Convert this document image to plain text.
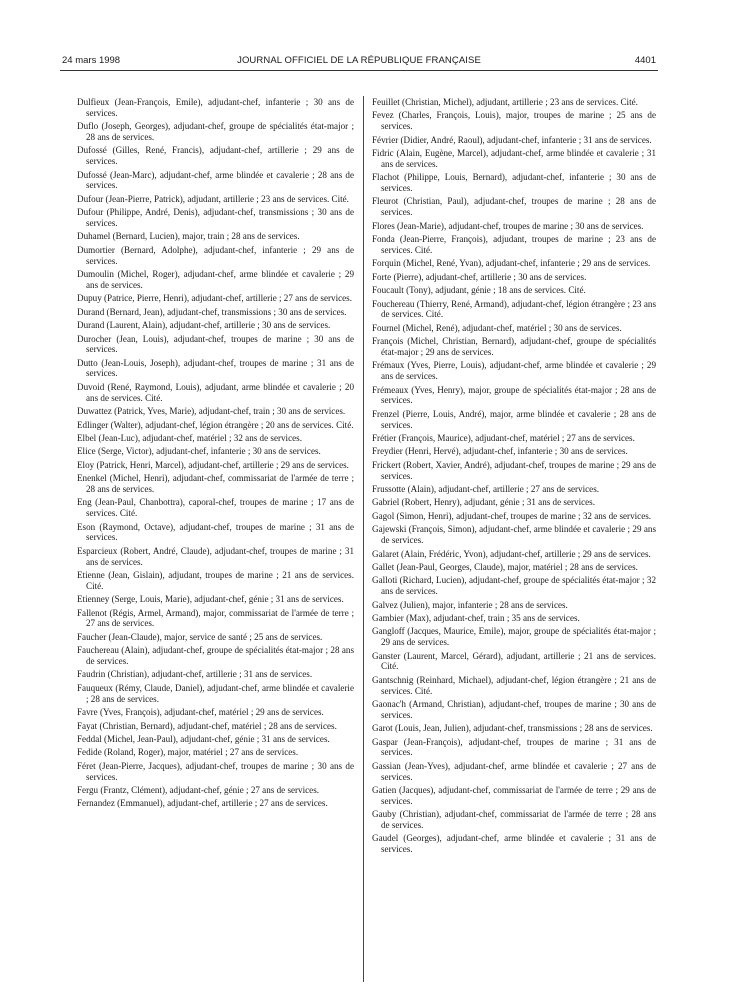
24 mars 1998	JOURNAL OFFICIEL DE LA RÉPUBLIQUE FRANÇAISE	4401

Dulfieux (Jean-François, Emile), adjudant-chef, infanterie ; 30 ans de services.

Duflo (Joseph, Georges), adjudant-chef, groupe de spécialités état-major ; 28 ans de services.

Dufossé (Gilles, René, Francis), adjudant-chef, artillerie ; 29 ans de services.

Dufossé (Jean-Marc), adjudant-chef, arme blindée et cavalerie ; 28 ans de services.

Dufour (Jean-Pierre, Patrick), adjudant, artillerie ; 23 ans de services. Cité.

Dufour (Philippe, André, Denis), adjudant-chef, transmissions ; 30 ans de services.

Duhamel (Bernard, Lucien), major, train ; 28 ans de services.

Dumortier (Bernard, Adolphe), adjudant-chef, infanterie ; 29 ans de services.

Dumoulin (Michel, Roger), adjudant-chef, arme blindée et cavalerie ; 29 ans de services.

Dupuy (Patrice, Pierre, Henri), adjudant-chef, artillerie ; 27 ans de services.

Durand (Bernard, Jean), adjudant-chef, transmissions ; 30 ans de services.

Durand (Laurent, Alain), adjudant-chef, artillerie ; 30 ans de services.

Durocher (Jean, Louis), adjudant-chef, troupes de marine ; 30 ans de services.

Dutto (Jean-Louis, Joseph), adjudant-chef, troupes de marine ; 31 ans de services.

Duvoid (René, Raymond, Louis), adjudant, arme blindée et cavalerie ; 20 ans de services. Cité.

Duwattez (Patrick, Yves, Marie), adjudant-chef, train ; 30 ans de services.

Edlinger (Walter), adjudant-chef, légion étrangère ; 20 ans de services. Cité.

Elbel (Jean-Luc), adjudant-chef, matériel ; 32 ans de services.

Elice (Serge, Victor), adjudant-chef, infanterie ; 30 ans de services.

Eloy (Patrick, Henri, Marcel), adjudant-chef, artillerie ; 29 ans de services.

Enenkel (Michel, Henri), adjudant-chef, commissariat de l'armée de terre ; 28 ans de services.

Eng (Jean-Paul, Chanbottra), caporal-chef, troupes de marine ; 17 ans de services. Cité.

Eson (Raymond, Octave), adjudant-chef, troupes de marine ; 31 ans de services.

Esparcieux (Robert, André, Claude), adjudant-chef, troupes de marine ; 31 ans de services.

Etienne (Jean, Gislain), adjudant, troupes de marine ; 21 ans de services. Cité.

Etienney (Serge, Louis, Marie), adjudant-chef, génie ; 31 ans de services.

Fallenot (Régis, Armel, Armand), major, commissariat de l'armée de terre ; 27 ans de services.

Faucher (Jean-Claude), major, service de santé ; 25 ans de services.

Fauchereau (Alain), adjudant-chef, groupe de spécialités état-major ; 28 ans de services.

Faudrin (Christian), adjudant-chef, artillerie ; 31 ans de services.

Fauqueux (Rémy, Claude, Daniel), adjudant-chef, arme blindée et cavalerie ; 28 ans de services.

Favre (Yves, François), adjudant-chef, matériel ; 29 ans de services.

Fayat (Christian, Bernard), adjudant-chef, matériel ; 28 ans de services.

Feddal (Michel, Jean-Paul), adjudant-chef, génie ; 31 ans de services.

Fedide (Roland, Roger), major, matériel ; 27 ans de services.

Féret (Jean-Pierre, Jacques), adjudant-chef, troupes de marine ; 30 ans de services.

Fergu (Frantz, Clément), adjudant-chef, génie ; 27 ans de services.

Fernandez (Emmanuel), adjudant-chef, artillerie ; 27 ans de services.

Feuillet (Christian, Michel), adjudant, artillerie ; 23 ans de services. Cité.

Fevez (Charles, François, Louis), major, troupes de marine ; 25 ans de services.

Février (Didier, André, Raoul), adjudant-chef, infanterie ; 31 ans de services.

Fidric (Alain, Eugène, Marcel), adjudant-chef, arme blindée et cavalerie ; 31 ans de services.

Flachot (Philippe, Louis, Bernard), adjudant-chef, infanterie ; 30 ans de services.

Fleurot (Christian, Paul), adjudant-chef, troupes de marine ; 28 ans de services.

Flores (Jean-Marie), adjudant-chef, troupes de marine ; 30 ans de services.

Fonda (Jean-Pierre, François), adjudant, troupes de marine ; 23 ans de services. Cité.

Forquin (Michel, René, Yvan), adjudant-chef, infanterie ; 29 ans de services.

Forte (Pierre), adjudant-chef, artillerie ; 30 ans de services.

Foucault (Tony), adjudant, génie ; 18 ans de services. Cité.

Fouchereau (Thierry, René, Armand), adjudant-chef, légion étrangère ; 23 ans de services. Cité.

Fournel (Michel, René), adjudant-chef, matériel ; 30 ans de services.

François (Michel, Christian, Bernard), adjudant-chef, groupe de spécialités état-major ; 29 ans de services.

Frémaux (Yves, Pierre, Louis), adjudant-chef, arme blindée et cavalerie ; 29 ans de services.

Frémeaux (Yves, Henry), major, groupe de spécialités état-major ; 28 ans de services.

Frenzel (Pierre, Louis, André), major, arme blindée et cavalerie ; 28 ans de services.

Frétier (François, Maurice), adjudant-chef, matériel ; 27 ans de services.

Freydier (Henri, Hervé), adjudant-chef, infanterie ; 30 ans de services.

Frickert (Robert, Xavier, André), adjudant-chef, troupes de marine ; 29 ans de services.

Frussotte (Alain), adjudant-chef, artillerie ; 27 ans de services.

Gabriel (Robert, Henry), adjudant, génie ; 31 ans de services.

Gagol (Simon, Henri), adjudant-chef, troupes de marine ; 32 ans de services.

Gajewski (François, Simon), adjudant-chef, arme blindée et cavalerie ; 29 ans de services.

Galaret (Alain, Frédéric, Yvon), adjudant-chef, artillerie ; 29 ans de services.

Gallet (Jean-Paul, Georges, Claude), major, matériel ; 28 ans de services.

Galloti (Richard, Lucien), adjudant-chef, groupe de spécialités état-major ; 32 ans de services.

Galvez (Julien), major, infanterie ; 28 ans de services.

Gambier (Max), adjudant-chef, train ; 35 ans de services.

Gangloff (Jacques, Maurice, Emile), major, groupe de spécialités état-major ; 29 ans de services.

Ganster (Laurent, Marcel, Gérard), adjudant, artillerie ; 21 ans de services. Cité.

Gantschnig (Reinhard, Michael), adjudant-chef, légion étrangère ; 21 ans de services. Cité.

Gaonac'h (Armand, Christian), adjudant-chef, troupes de marine ; 30 ans de services.

Garot (Louis, Jean, Julien), adjudant-chef, transmissions ; 28 ans de services.

Gaspar (Jean-François), adjudant-chef, troupes de marine ; 31 ans de services.

Gassian (Jean-Yves), adjudant-chef, arme blindée et cavalerie ; 27 ans de services.

Gatien (Jacques), adjudant-chef, commissariat de l'armée de terre ; 29 ans de services.

Gauby (Christian), adjudant-chef, commissariat de l'armée de terre ; 28 ans de services.

Gaudel (Georges), adjudant-chef, arme blindée et cavalerie ; 31 ans de services.
